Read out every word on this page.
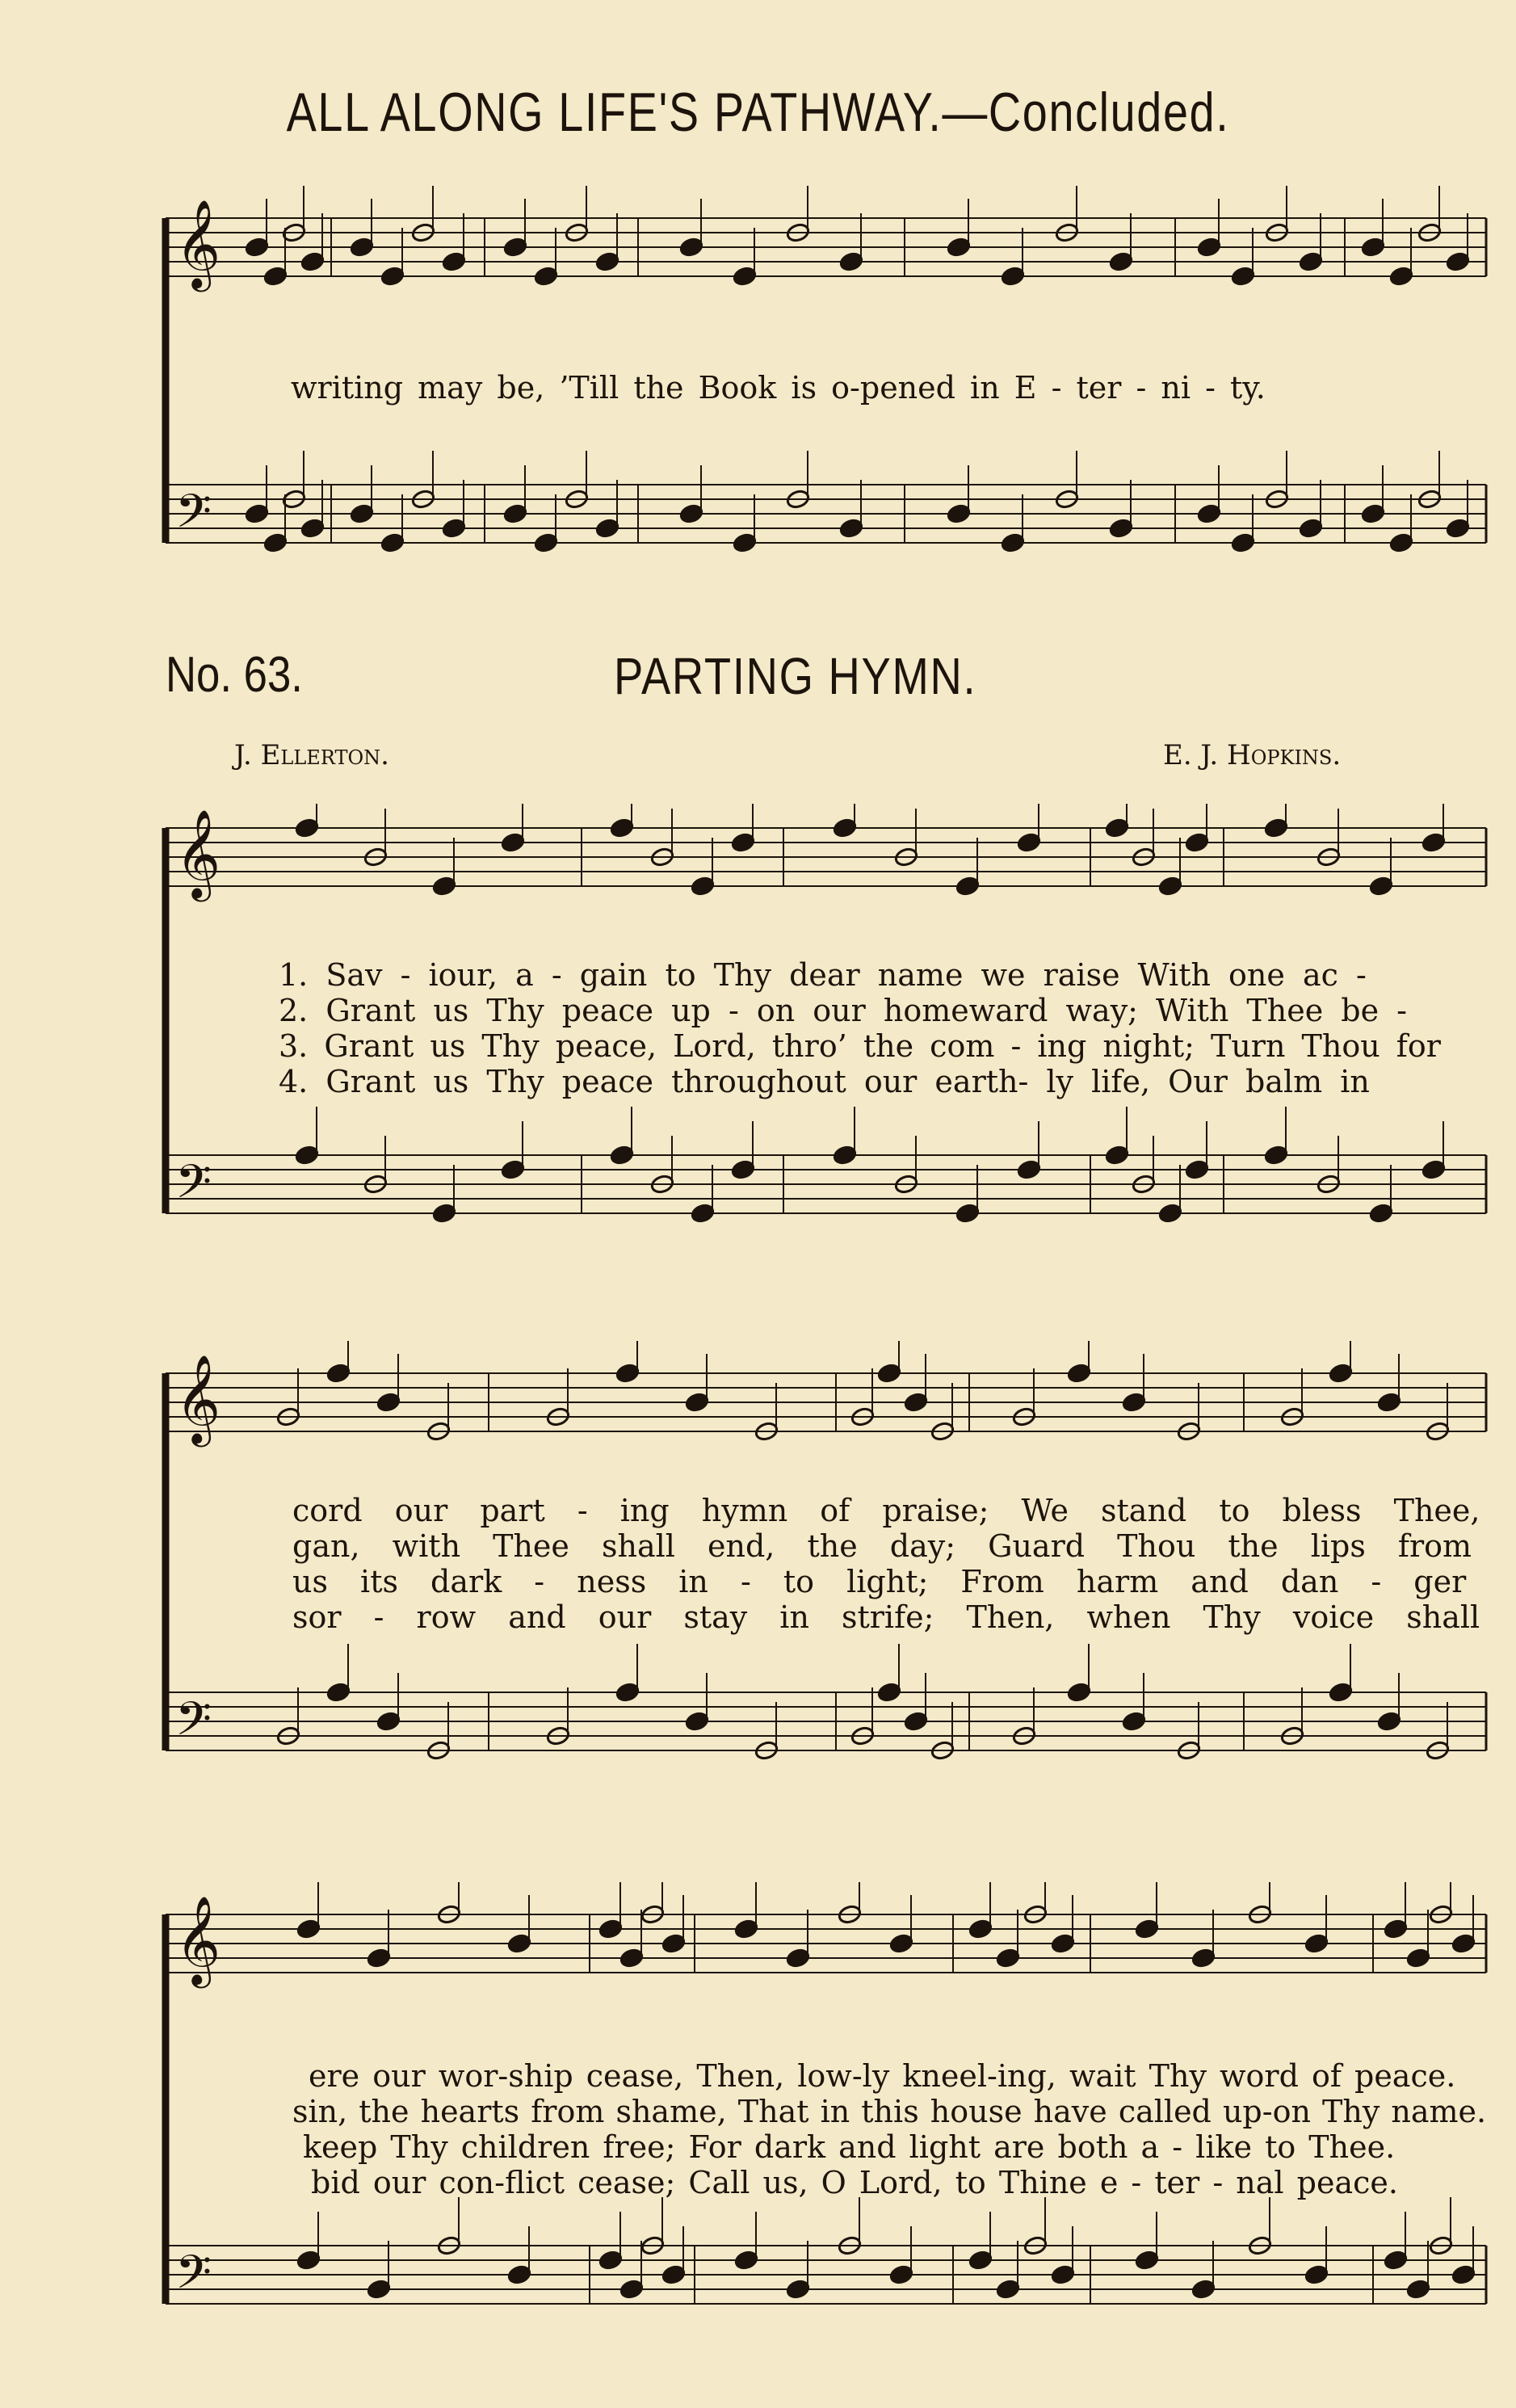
ALL ALONG LIFE'S PATHWAY.—Concluded.
𝄞
𝄢
writing may be, ’Till the Book is o-pened in E - ter - ni - ty.
No. 63.	PARTING HYMN.
J. Ellerton.	E. J. Hopkins.
𝄞
𝄢
1. Sav - iour, a - gain to Thy dear name we raise With one ac -
2. Grant us Thy peace up - on our homeward way; With Thee be -
3. Grant us Thy peace, Lord, thro’ the com - ing night; Turn Thou for
4. Grant us Thy peace throughout our earth- ly life, Our balm in
𝄞
𝄢
cord our part - ing hymn of praise; We stand to bless Thee,
gan, with Thee shall end, the day; Guard Thou the lips from
us its dark - ness in - to light; From harm and dan - ger
sor - row and our stay in strife; Then, when Thy voice shall
𝄞
𝄢
ere our wor-ship cease, Then, low-ly kneel-ing, wait Thy word of peace.
sin, the hearts from shame, That in this house have called up-on Thy name.
keep Thy children free; For dark and light are both a - like to Thee.
bid our con-flict cease; Call us, O Lord, to Thine e - ter - nal peace.
